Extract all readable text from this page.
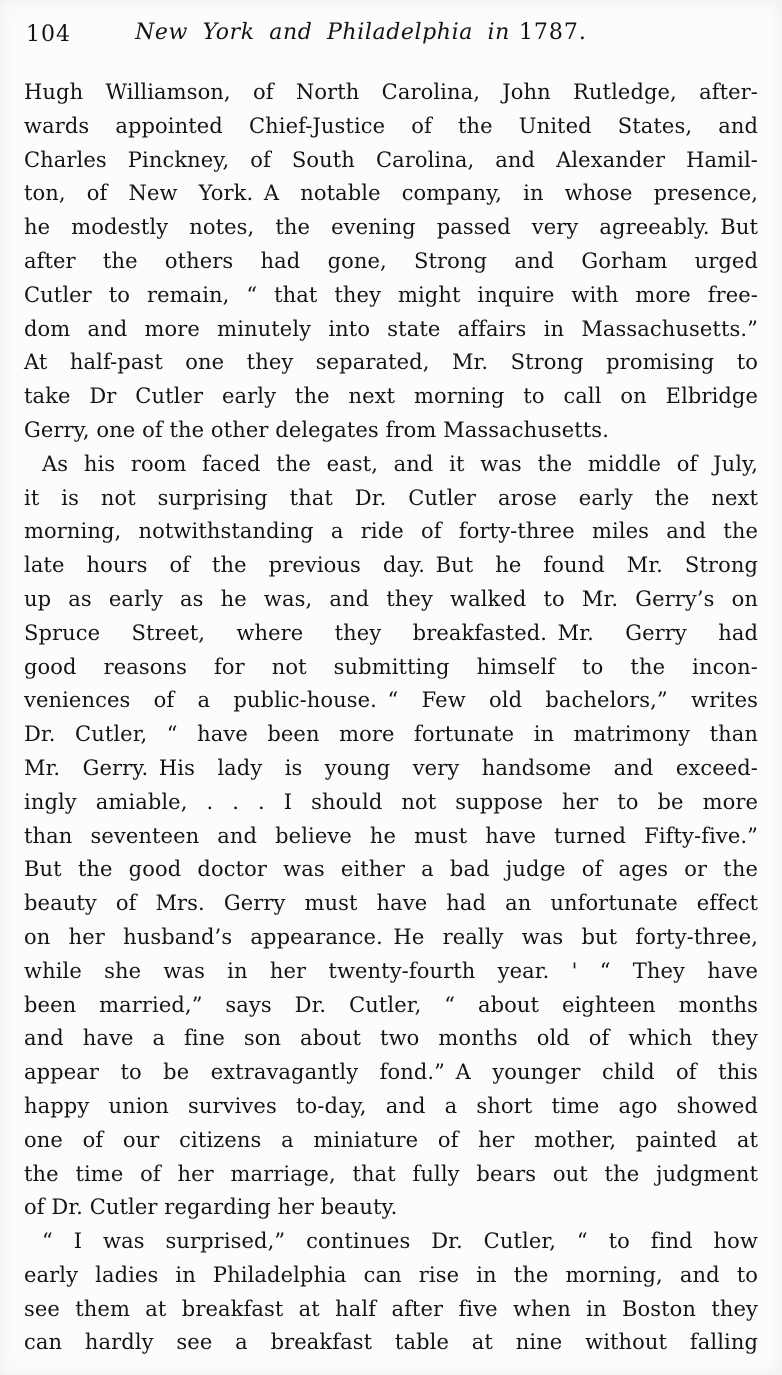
104	New York and Philadelphia in 1787.
Hugh Williamson, of North Carolina, John Rutledge, after-
wards appointed Chief-Justice of the United States, and
Charles Pinckney, of South Carolina, and Alexander Hamil-
ton, of New York. A notable company, in whose presence,
he modestly notes, the evening passed very agreeably. But
after the others had gone, Strong and Gorham urged
Cutler to remain, “ that they might inquire with more free-
dom and more minutely into state affairs in Massachusetts.”
At half-past one they separated, Mr. Strong promising to
take Dr Cutler early the next morning to call on Elbridge
Gerry, one of the other delegates from Massachusetts.
As his room faced the east, and it was the middle of July,
it is not surprising that Dr. Cutler arose early the next
morning, notwithstanding a ride of forty-three miles and the
late hours of the previous day. But he found Mr. Strong
up as early as he was, and they walked to Mr. Gerry’s on
Spruce Street, where they breakfasted. Mr. Gerry had
good reasons for not submitting himself to the incon-
veniences of a public-house. “ Few old bachelors,” writes
Dr. Cutler, “ have been more fortunate in matrimony than
Mr. Gerry. His lady is young very handsome and exceed-
ingly amiable, . . . I should not suppose her to be more
than seventeen and believe he must have turned Fifty-five.”
But the good doctor was either a bad judge of ages or the
beauty of Mrs. Gerry must have had an unfortunate effect
on her husband’s appearance. He really was but forty-three,
while she was in her twenty-fourth year. ' “ They have
been married,” says Dr. Cutler, “ about eighteen months
and have a fine son about two months old of which they
appear to be extravagantly fond.” A younger child of this
happy union survives to-day, and a short time ago showed
one of our citizens a miniature of her mother, painted at
the time of her marriage, that fully bears out the judgment
of Dr. Cutler regarding her beauty.
“ I was surprised,” continues Dr. Cutler, “ to find how
early ladies in Philadelphia can rise in the morning, and to
see them at breakfast at half after five when in Boston they
can hardly see a breakfast table at nine without falling
